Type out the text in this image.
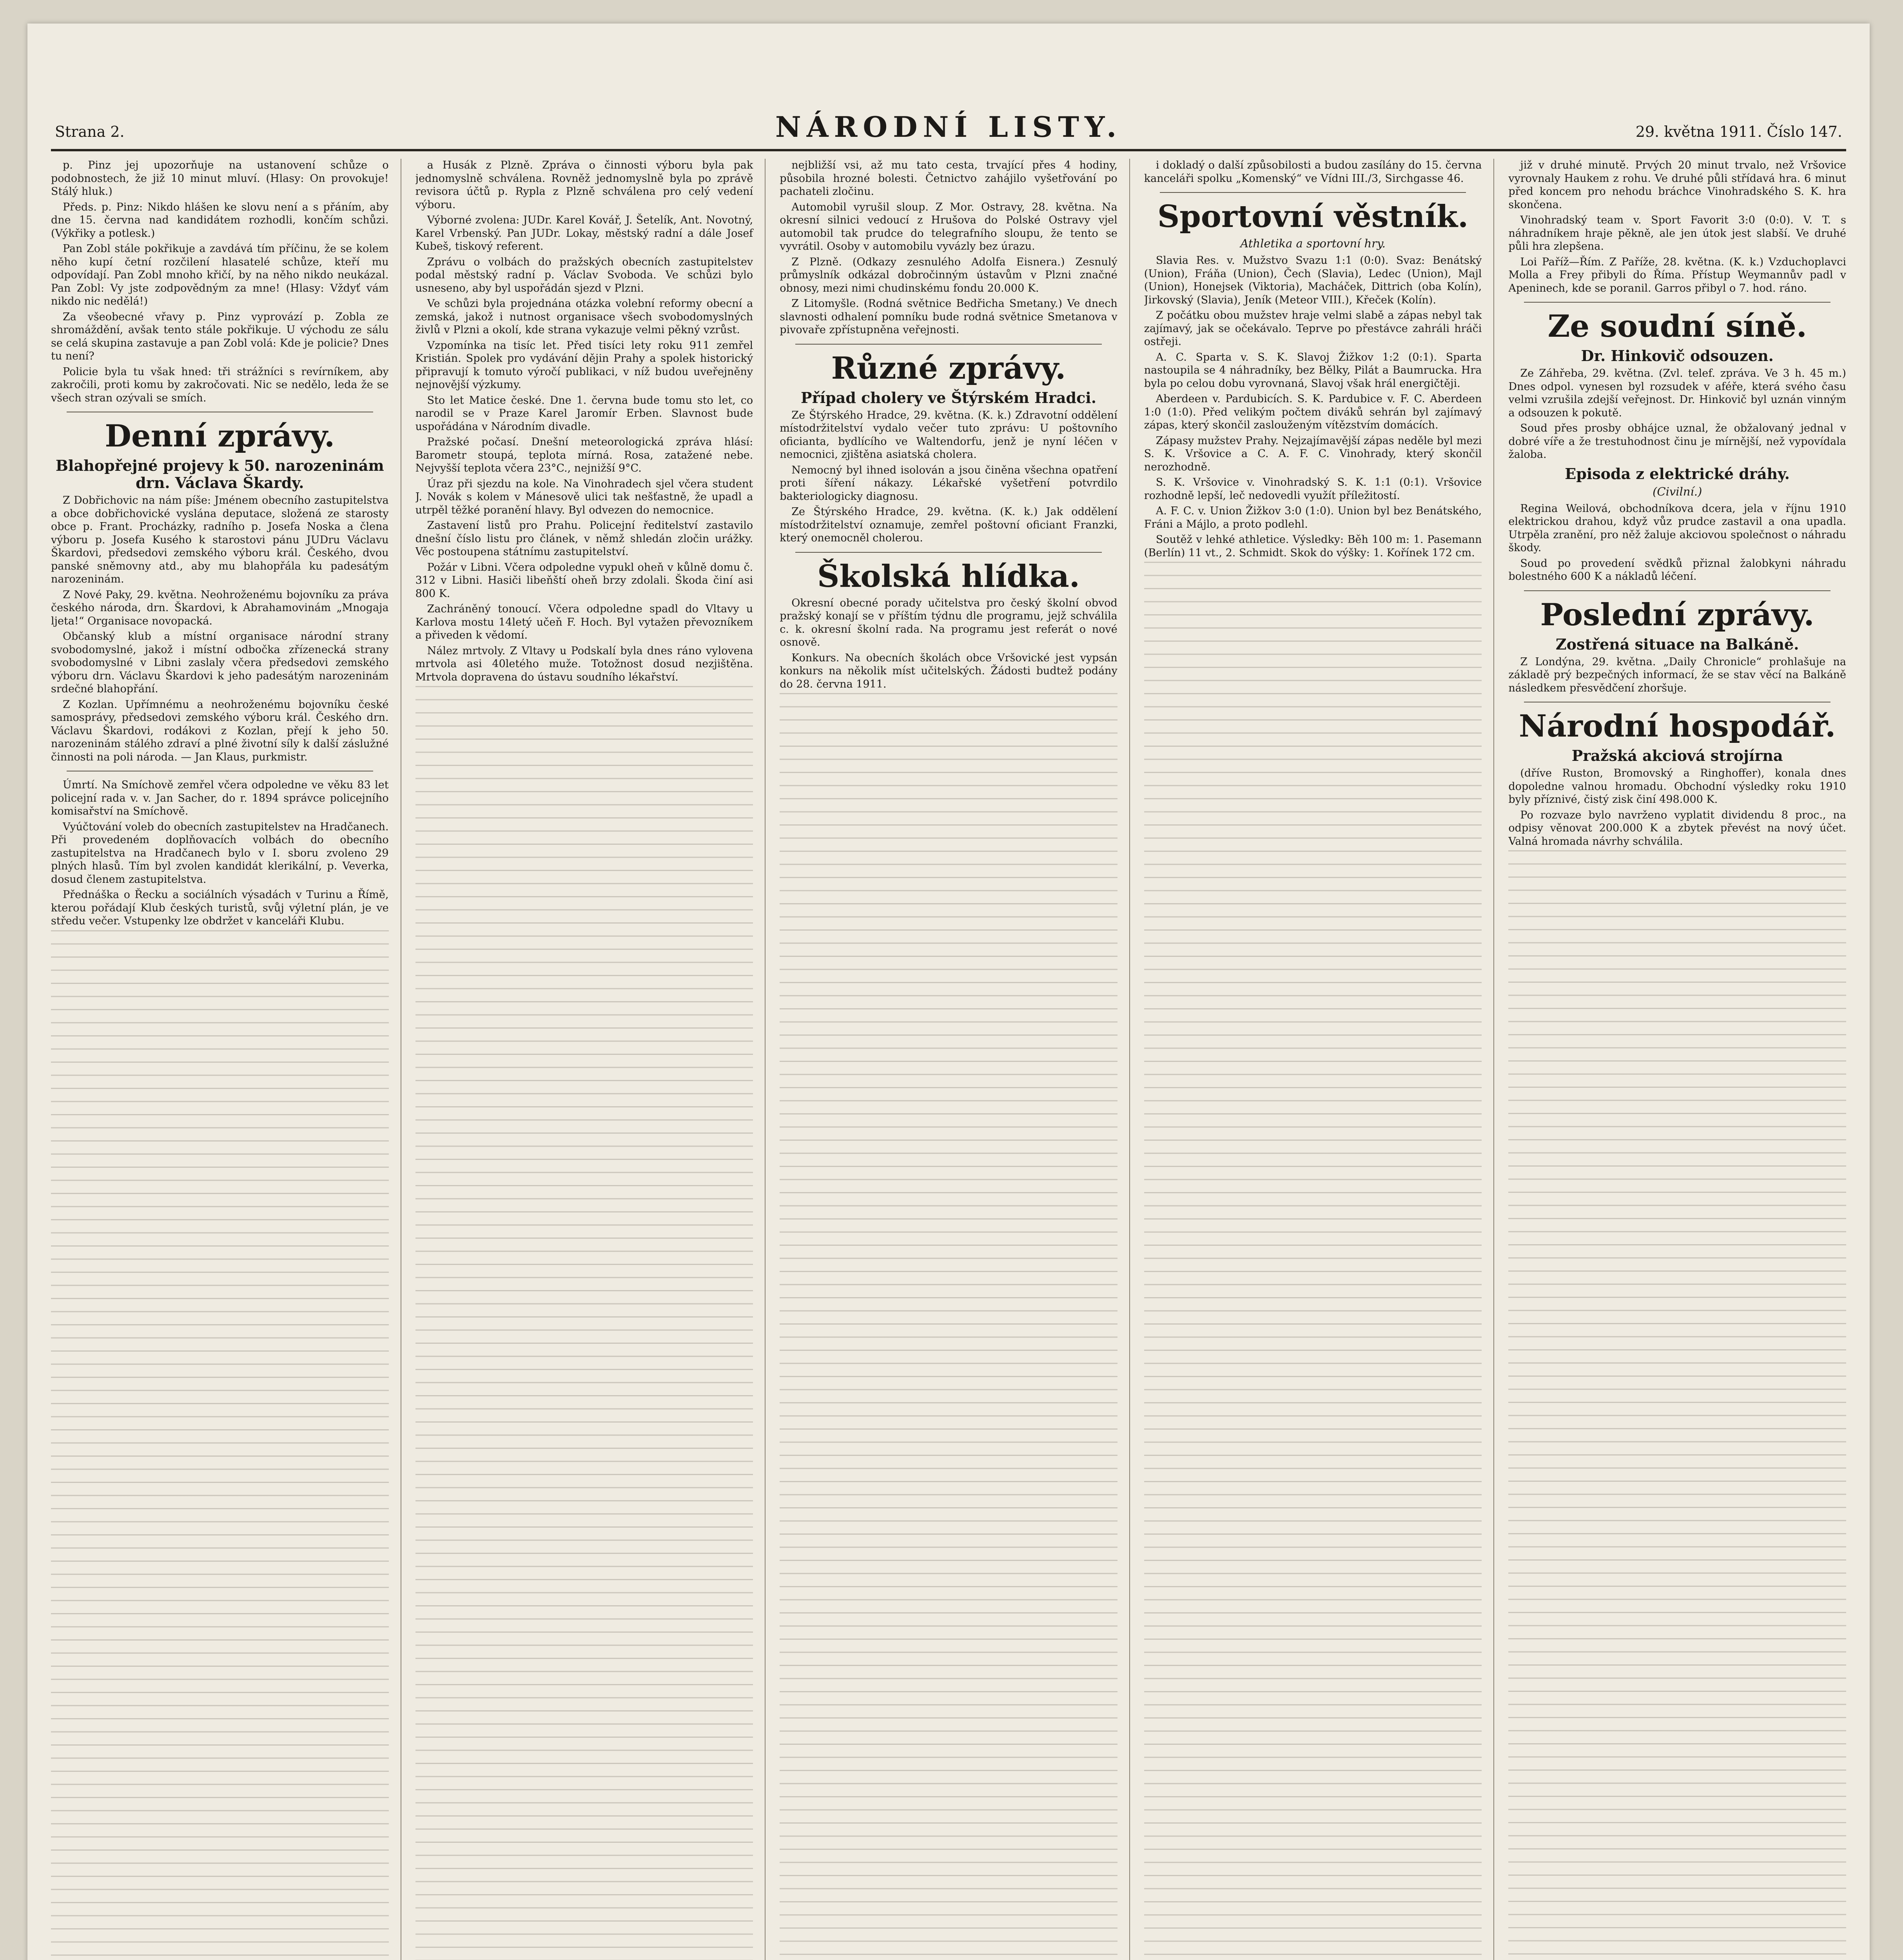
Strana 2.	NÁRODNÍ LISTY.	29. května 1911. Číslo 147.

p. Pinz jej upozorňuje na ustanovení schůze o podobnostech, že již 10 minut mluví. (Hlasy: On provokuje! Stálý hluk.)

Předs. p. Pinz: Nikdo hlášen ke slovu není a s přáním, aby dne 15. června nad kandidátem rozhodli, končím schůzi. (Výkřiky a potlesk.)

Pan Zobl stále pokřikuje a zavdává tím příčinu, že se kolem něho kupí četní rozčilení hlasatelé schůze, kteří mu odpovídají. Pan Zobl mnoho křičí, by na něho nikdo neukázal. Pan Zobl: Vy jste zodpovědným za mne! (Hlasy: Vždyť vám nikdo nic nedělá!)

Za všeobecné vřavy p. Pinz vyprovází p. Zobla ze shromáždění, avšak tento stále pokřikuje. U východu ze sálu se celá skupina zastavuje a pan Zobl volá: Kde je policie? Dnes tu není?

Policie byla tu však hned: tři strážníci s revírníkem, aby zakročili, proti komu by zakročovati. Nic se nedělo, leda že se všech stran ozývali se smích.

Denní zprávy.
Blahopřejné projevy k 50. narozeninám drn. Václava Škardy.

Z Dobřichovic na nám píše: Jménem obecního zastupitelstva a obce dobřichovické vyslána deputace, složená ze starosty obce p. Frant. Procházky, radního p. Josefa Noska a člena výboru p. Josefa Kusého k starostovi pánu JUDru Václavu Škardovi, předsedovi zemského výboru král. Českého, dvou panské sněmovny atd., aby mu blahopřála ku padesátým narozeninám.

Z Nové Paky, 29. května. Neohroženému bojovníku za práva českého národa, drn. Škardovi, k Abrahamovinám „Mnogaja ljeta!“ Organisace novopacká.

Občanský klub a místní organisace národní strany svobodomyslné, jakož i místní odbočka zřízenecká strany svobodomyslné v Libni zaslaly včera předsedovi zemského výboru drn. Václavu Škardovi k jeho padesátým narozeninám srdečné blahopřání.

Z Kozlan. Upřímnému a neohroženému bojovníku české samosprávy, předsedovi zemského výboru král. Českého drn. Václavu Škardovi, rodákovi z Kozlan, přejí k jeho 50. narozeninám stálého zdraví a plné životní síly k další záslužné činnosti na poli národa. — Jan Klaus, purkmistr.

Úmrtí. Na Smíchově zemřel včera odpoledne ve věku 83 let policejní rada v. v. Jan Sacher, do r. 1894 správce policejního komisařství na Smíchově.

Vyúčtování voleb do obecních zastupitelstev na Hradčanech. Při provedeném doplňovacích volbách do obecního zastupitelstva na Hradčanech bylo v I. sboru zvoleno 29 plných hlasů. Tím byl zvolen kandidát klerikální, p. Veverka, dosud členem zastupitelstva.

Přednáška o Řecku a sociálních výsadách v Turinu a Římě, kterou pořádají Klub českých turistů, svůj výletní plán, je ve středu večer. Vstupenky lze obdržet v kanceláři Klubu.

a Husák z Plzně. Zpráva o činnosti výboru byla pak jednomyslně schválena. Rovněž jednomyslně byla po zprávě revisora účtů p. Rypla z Plzně schválena pro celý vedení výboru.

Výborné zvolena: JUDr. Karel Kovář, J. Šetelík, Ant. Novotný, Karel Vrbenský. Pan JUDr. Lokay, městský radní a dále Josef Kubeš, tiskový referent.

Zprávu o volbách do pražských obecních zastupitelstev podal městský radní p. Václav Svoboda. Ve schůzi bylo usneseno, aby byl uspořádán sjezd v Plzni.

Ve schůzi byla projednána otázka volební reformy obecní a zemská, jakož i nutnost organisace všech svobodomyslných živlů v Plzni a okolí, kde strana vykazuje velmi pěkný vzrůst.

Vzpomínka na tisíc let. Před tisíci lety roku 911 zemřel Kristián. Spolek pro vydávání dějin Prahy a spolek historický připravují k tomuto výročí publikaci, v níž budou uveřejněny nejnovější výzkumy.

Sto let Matice české. Dne 1. června bude tomu sto let, co narodil se v Praze Karel Jaromír Erben. Slavnost bude uspořádána v Národním divadle.

Pražské počasí. Dnešní meteorologická zpráva hlásí: Barometr stoupá, teplota mírná. Rosa, zatažené nebe. Nejvyšší teplota včera 23°C., nejnižší 9°C.

Úraz při sjezdu na kole. Na Vinohradech sjel včera student J. Novák s kolem v Mánesově ulici tak nešťastně, že upadl a utrpěl těžké poranění hlavy. Byl odvezen do nemocnice.

Zastavení listů pro Prahu. Policejní ředitelství zastavilo dnešní číslo listu pro článek, v němž shledán zločin urážky. Věc postoupena státnímu zastupitelství.

Požár v Libni. Včera odpoledne vypukl oheň v kůlně domu č. 312 v Libni. Hasiči libeňští oheň brzy zdolali. Škoda činí asi 800 K.

Zachráněný tonoucí. Včera odpoledne spadl do Vltavy u Karlova mostu 14letý učeň F. Hoch. Byl vytažen převozníkem a přiveden k vědomí.

Nález mrtvoly. Z Vltavy u Podskalí byla dnes ráno vylovena mrtvola asi 40letého muže. Totožnost dosud nezjištěna. Mrtvola dopravena do ústavu soudního lékařství.

nejbližší vsi, až mu tato cesta, trvající přes 4 hodiny, působila hrozné bolesti. Četnictvo zahájilo vyšetřování po pachateli zločinu.

Automobil vyrušil sloup. Z Mor. Ostravy, 28. května. Na okresní silnici vedoucí z Hrušova do Polské Ostravy vjel automobil tak prudce do telegrafního sloupu, že tento se vyvrátil. Osoby v automobilu vyvázly bez úrazu.

Z Plzně. (Odkazy zesnulého Adolfa Eisnera.) Zesnulý průmyslník odkázal dobročinným ústavům v Plzni značné obnosy, mezi nimi chudinskému fondu 20.000 K.

Z Litomyšle. (Rodná světnice Bedřicha Smetany.) Ve dnech slavnosti odhalení pomníku bude rodná světnice Smetanova v pivovaře zpřístupněna veřejnosti.

Různé zprávy.
Případ cholery ve Štýrském Hradci.

Ze Štýrského Hradce, 29. května. (K. k.) Zdravotní oddělení místodržitelství vydalo večer tuto zprávu: U poštovního oficianta, bydlícího ve Waltendorfu, jenž je nyní léčen v nemocnici, zjištěna asiatská cholera.

Nemocný byl ihned isolován a jsou činěna všechna opatření proti šíření nákazy. Lékařské vyšetření potvrdilo bakteriologicky diagnosu.

Ze Štýrského Hradce, 29. května. (K. k.) Jak oddělení místodržitelství oznamuje, zemřel poštovní oficiant Franzki, který onemocněl cholerou.

Školská hlídka.

Okresní obecné porady učitelstva pro český školní obvod pražský konají se v příštím týdnu dle programu, jejž schválila c. k. okresní školní rada. Na programu jest referát o nové osnově.

Konkurs. Na obecních školách obce Vršovické jest vypsán konkurs na několik míst učitelských. Žádosti budtež podány do 28. června 1911.

i dokladý o další způsobilosti a budou zasílány do 15. června kanceláři spolku „Komenský“ ve Vídni III./3, Sirchgasse 46.

Sportovní věstník.
Athletika a sportovní hry.

Slavia Res. v. Mužstvo Svazu 1:1 (0:0). Svaz: Benátský (Union), Fráňa (Union), Čech (Slavia), Ledec (Union), Majl (Union), Honejsek (Viktoria), Macháček, Dittrich (oba Kolín), Jirkovský (Slavia), Jeník (Meteor VIII.), Křeček (Kolín).

Z počátku obou mužstev hraje velmi slabě a zápas nebyl tak zajímavý, jak se očekávalo. Teprve po přestávce zahráli hráči ostřeji.

A. C. Sparta v. S. K. Slavoj Žižkov 1:2 (0:1). Sparta nastoupila se 4 náhradníky, bez Bělky, Pilát a Baumrucka. Hra byla po celou dobu vyrovnaná, Slavoj však hrál energičtěji.

Aberdeen v. Pardubicích. S. K. Pardubice v. F. C. Aberdeen 1:0 (1:0). Před velikým počtem diváků sehrán byl zajímavý zápas, který skončil zaslouženým vítězstvím domácích.

Zápasy mužstev Prahy. Nejzajímavější zápas neděle byl mezi S. K. Vršovice a C. A. F. C. Vinohrady, který skončil nerozhodně.

S. K. Vršovice v. Vinohradský S. K. 1:1 (0:1). Vršovice rozhodně lepší, leč nedovedli využít příležitostí.

A. F. C. v. Union Žižkov 3:0 (1:0). Union byl bez Benátského, Fráni a Májlo, a proto podlehl.

Soutěž v lehké athletice. Výsledky: Běh 100 m: 1. Pasemann (Berlín) 11 vt., 2. Schmidt. Skok do výšky: 1. Kořínek 172 cm.

již v druhé minutě. Prvých 20 minut trvalo, než Vršovice vyrovnaly Haukem z rohu. Ve druhé půli střídavá hra. 6 minut před koncem pro nehodu bráchce Vinohradského S. K. hra skončena.

Vinohradský team v. Sport Favorit 3:0 (0:0). V. T. s náhradníkem hraje pěkně, ale jen útok jest slabší. Ve druhé půli hra zlepšena.

Loi Paříž—Řím. Z Paříže, 28. května. (K. k.) Vzduchoplavci Molla a Frey přibyli do Říma. Přístup Weymannův padl v Apeninech, kde se poranil. Garros přibyl o 7. hod. ráno.

Ze soudní síně.
Dr. Hinkovič odsouzen.

Ze Záhřeba, 29. května. (Zvl. telef. zpráva. Ve 3 h. 45 m.) Dnes odpol. vynesen byl rozsudek v aféře, která svého času velmi vzrušila zdejší veřejnost. Dr. Hinkovič byl uznán vinným a odsouzen k pokutě.

Soud přes prosby obhájce uznal, že obžalovaný jednal v dobré víře a že trestuhodnost činu je mírnější, než vypovídala žaloba.

Episoda z elektrické dráhy.
(Civilní.)

Regina Weilová, obchodníkova dcera, jela v říjnu 1910 elektrickou drahou, když vůz prudce zastavil a ona upadla. Utrpěla zranění, pro něž žaluje akciovou společnost o náhradu škody.

Soud po provedení svědků přiznal žalobkyni náhradu bolestného 600 K a nákladů léčení.

Poslední zprávy.
Zostřená situace na Balkáně.

Z Londýna, 29. května. „Daily Chronicle“ prohlašuje na základě prý bezpečných informací, že se stav věcí na Balkáně následkem přesvědčení zhoršuje.

Národní hospodář.
Pražská akciová strojírna

(dříve Ruston, Bromovský a Ringhoffer), konala dnes dopoledne valnou hromadu. Obchodní výsledky roku 1910 byly příznivé, čistý zisk činí 498.000 K.

Po rozvaze bylo navrženo vyplatit dividendu 8 proc., na odpisy věnovat 200.000 K a zbytek převést na nový účet. Valná hromada návrhy schválila.
